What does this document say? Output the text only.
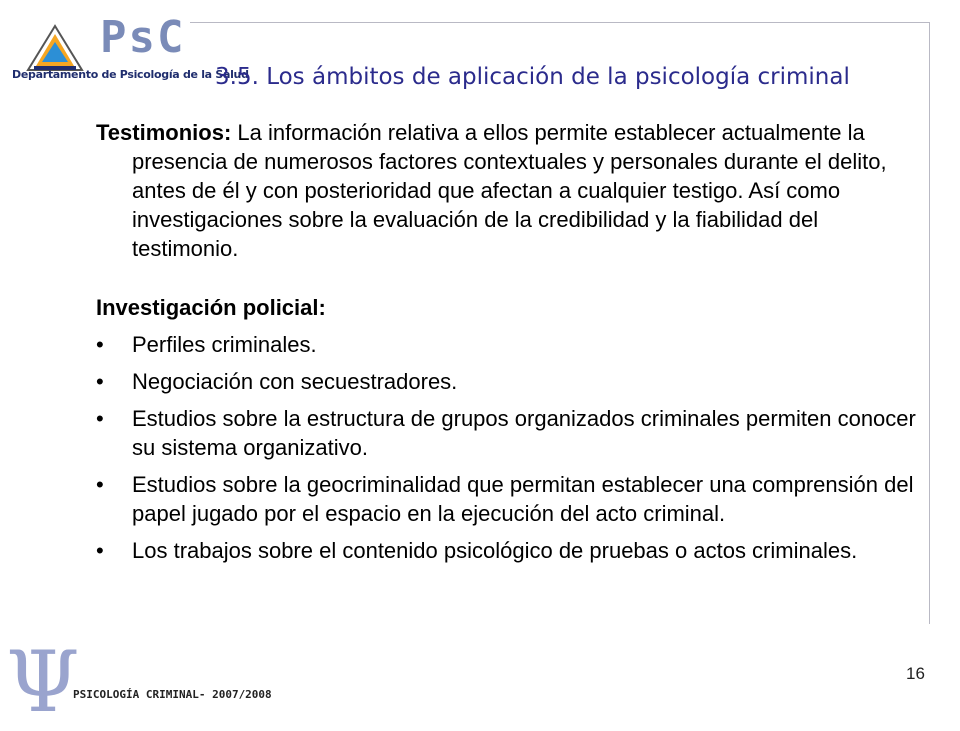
PsC
Departamento de Psicología de la Salud
3.5. Los ámbitos de aplicación de la psicología criminal

Testimonios: La información relativa a ellos permite establecer actualmente la presencia de numerosos factores contextuales y personales durante el delito, antes de él y con posterioridad que afectan a cualquier testigo. Así como investigaciones sobre la evaluación de la credibilidad y la fiabilidad del testimonio.

Investigación policial:

• Perfiles criminales.
• Negociación con secuestradores.
• Estudios sobre la estructura de grupos organizados criminales permiten conocer su sistema organizativo.
• Estudios sobre la geocriminalidad que permitan establecer una comprensión del papel jugado por el espacio en la ejecución del acto criminal.
• Los trabajos sobre el contenido psicológico de pruebas o actos criminales.
Ψ
PSICOLOGÍA CRIMINAL- 2007/2008
16
